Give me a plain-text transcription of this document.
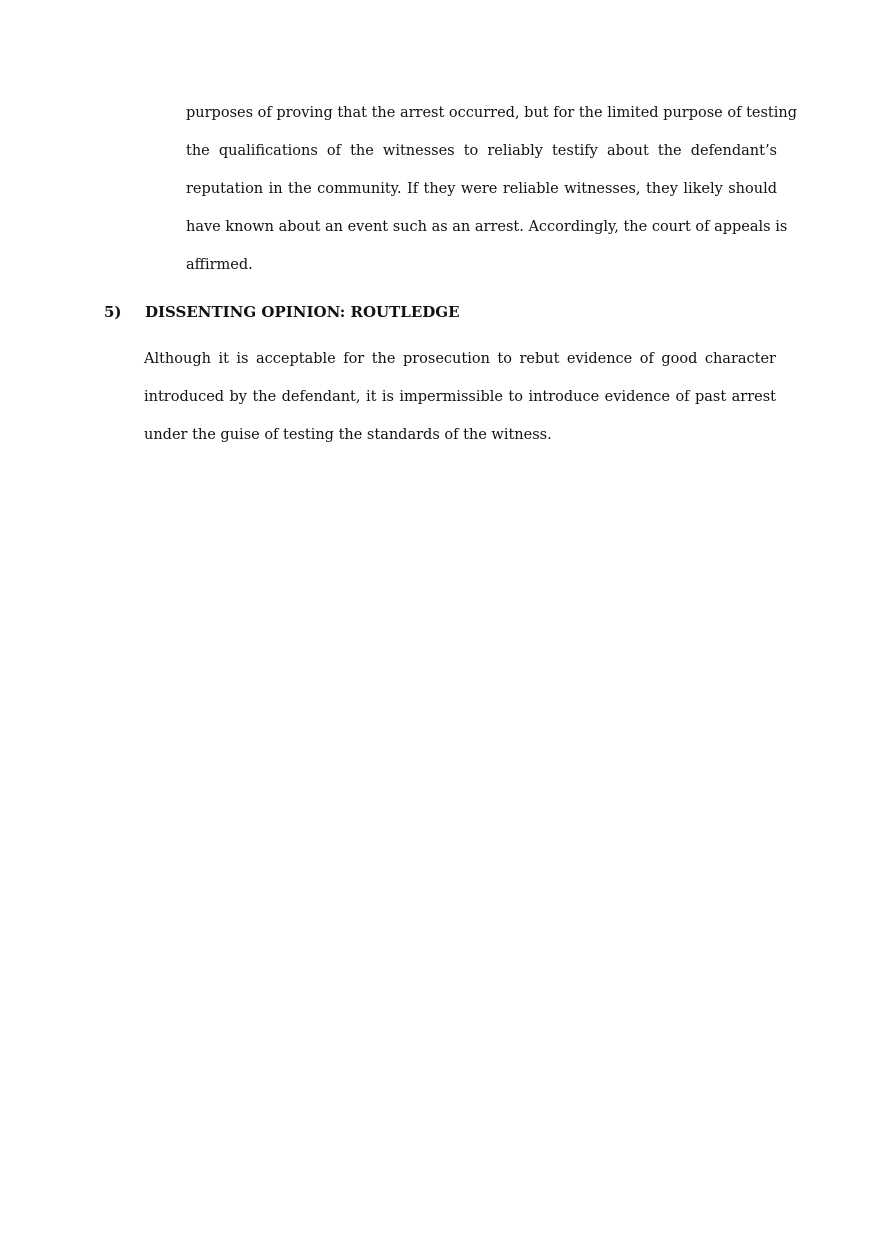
purposes of proving that the arrest occurred, but for the limited purpose of testing
the qualifications of the witnesses to reliably testify about the defendant’s
reputation in the community. If they were reliable witnesses, they likely should
have known about an event such as an arrest. Accordingly, the court of appeals is
affirmed.
5) DISSENTING OPINION: ROUTLEDGE
Although it is acceptable for the prosecution to rebut evidence of good character
introduced by the defendant, it is impermissible to introduce evidence of past arrest
under the guise of testing the standards of the witness.
